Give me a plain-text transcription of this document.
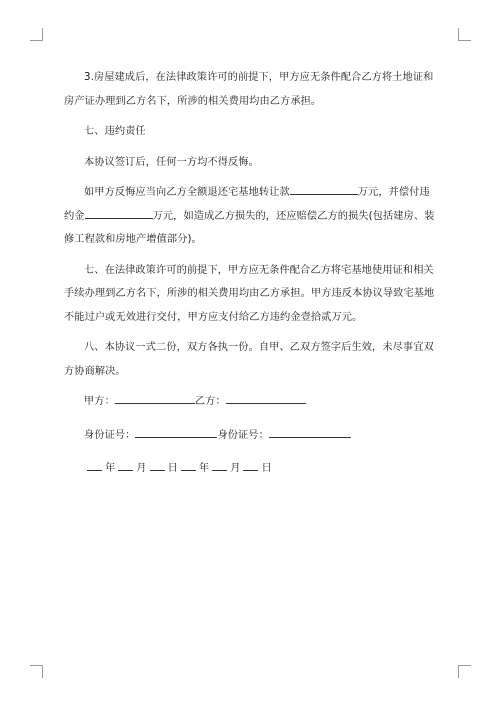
3.房屋建成后，在法律政策许可的前提下，甲方应无条件配合乙方将土地证和房产证办理到乙方名下，所涉的相关费用均由乙方承担。

七、违约责任

本协议签订后，任何一方均不得反悔。

如甲方反悔应当向乙方全额退还宅基地转让款	万元，并偿付违约金	万元，如造成乙方损失的，还应赔偿乙方的损失(包括建房、装修工程款和房地产增值部分)。

七、在法律政策许可的前提下，甲方应无条件配合乙方将宅基地使用证和相关手续办理到乙方名下，所涉的相关费用均由乙方承担。甲方违反本协议导致宅基地不能过户或无效进行交付，甲方应支付给乙方违约金壹拾贰万元。

八、本协议一式二份，双方各执一份。自甲、乙双方签字后生效，未尽事宜双方协商解决。

甲方：	乙方：

身份证号：	身份证号：

年 月 日 年 月 日
